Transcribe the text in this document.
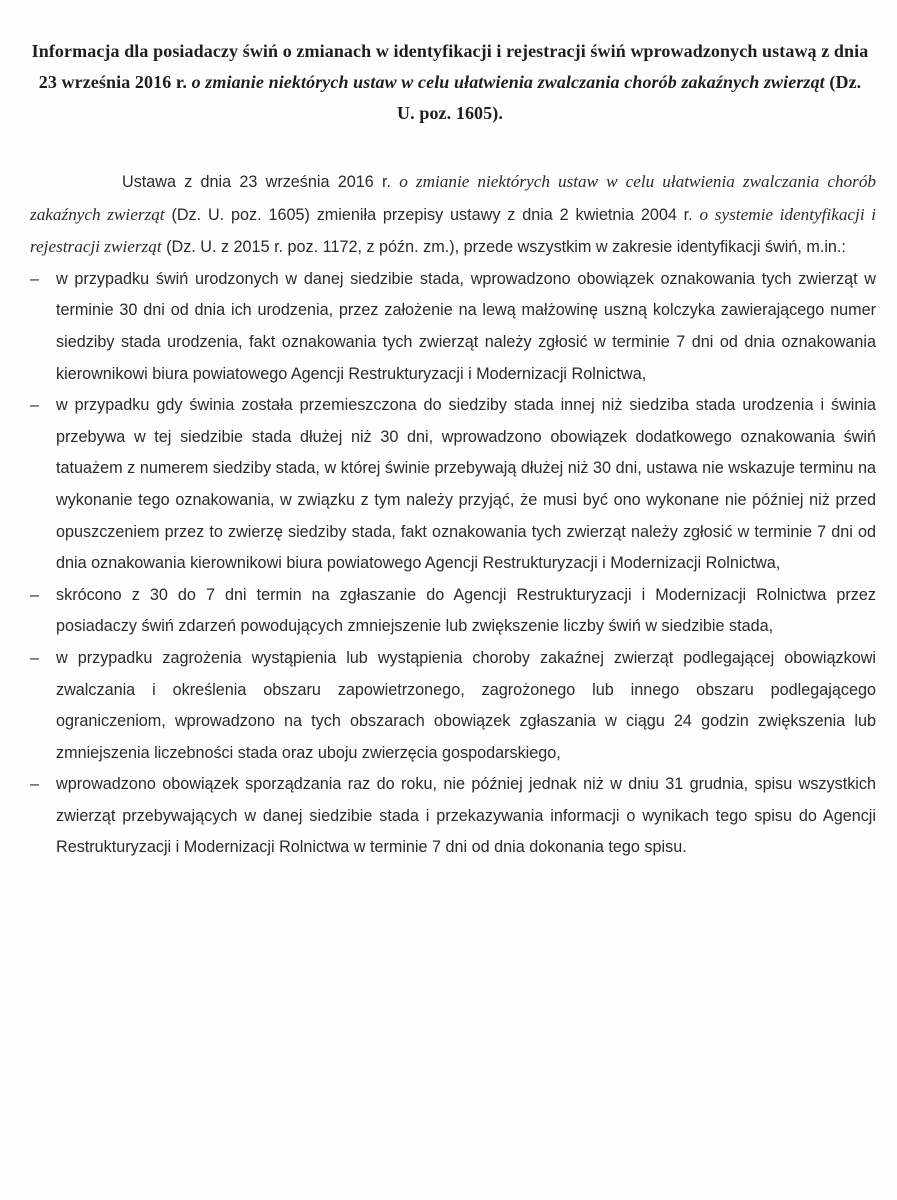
Informacja dla posiadaczy świń o zmianach w identyfikacji i rejestracji świń wprowadzonych ustawą z dnia 23 września 2016 r. o zmianie niektórych ustaw w celu ułatwienia zwalczania chorób zakaźnych zwierząt (Dz. U. poz. 1605).

Ustawa z dnia 23 września 2016 r. o zmianie niektórych ustaw w celu ułatwienia zwalczania chorób zakaźnych zwierząt (Dz. U. poz. 1605) zmieniła przepisy ustawy z dnia 2 kwietnia 2004 r. o systemie identyfikacji i rejestracji zwierząt (Dz. U. z 2015 r. poz. 1172, z późn. zm.), przede wszystkim w zakresie identyfikacji świń, m.in.:

– w przypadku świń urodzonych w danej siedzibie stada, wprowadzono obowiązek oznakowania tych zwierząt w terminie 30 dni od dnia ich urodzenia, przez założenie na lewą małżowinę uszną kolczyka zawierającego numer siedziby stada urodzenia, fakt oznakowania tych zwierząt należy zgłosić w terminie 7 dni od dnia oznakowania kierownikowi biura powiatowego Agencji Restrukturyzacji i Modernizacji Rolnictwa,
– w przypadku gdy świnia została przemieszczona do siedziby stada innej niż siedziba stada urodzenia i świnia przebywa w tej siedzibie stada dłużej niż 30 dni, wprowadzono obowiązek dodatkowego oznakowania świń tatuażem z numerem siedziby stada, w której świnie przebywają dłużej niż 30 dni, ustawa nie wskazuje terminu na wykonanie tego oznakowania, w związku z tym należy przyjąć, że musi być ono wykonane nie później niż przed opuszczeniem przez to zwierzę siedziby stada, fakt oznakowania tych zwierząt należy zgłosić w terminie 7 dni od dnia oznakowania kierownikowi biura powiatowego Agencji Restrukturyzacji i Modernizacji Rolnictwa,
– skrócono z 30 do 7 dni termin na zgłaszanie do Agencji Restrukturyzacji i Modernizacji Rolnictwa przez posiadaczy świń zdarzeń powodujących zmniejszenie lub zwiększenie liczby świń w siedzibie stada,
– w przypadku zagrożenia wystąpienia lub wystąpienia choroby zakaźnej zwierząt podlegającej obowiązkowi zwalczania i określenia obszaru zapowietrzonego, zagrożonego lub innego obszaru podlegającego ograniczeniom, wprowadzono na tych obszarach obowiązek zgłaszania w ciągu 24 godzin zwiększenia lub zmniejszenia liczebności stada oraz uboju zwierzęcia gospodarskiego,
– wprowadzono obowiązek sporządzania raz do roku, nie później jednak niż w dniu 31 grudnia, spisu wszystkich zwierząt przebywających w danej siedzibie stada i przekazywania informacji o wynikach tego spisu do Agencji Restrukturyzacji i Modernizacji Rolnictwa w terminie 7 dni od dnia dokonania tego spisu.
